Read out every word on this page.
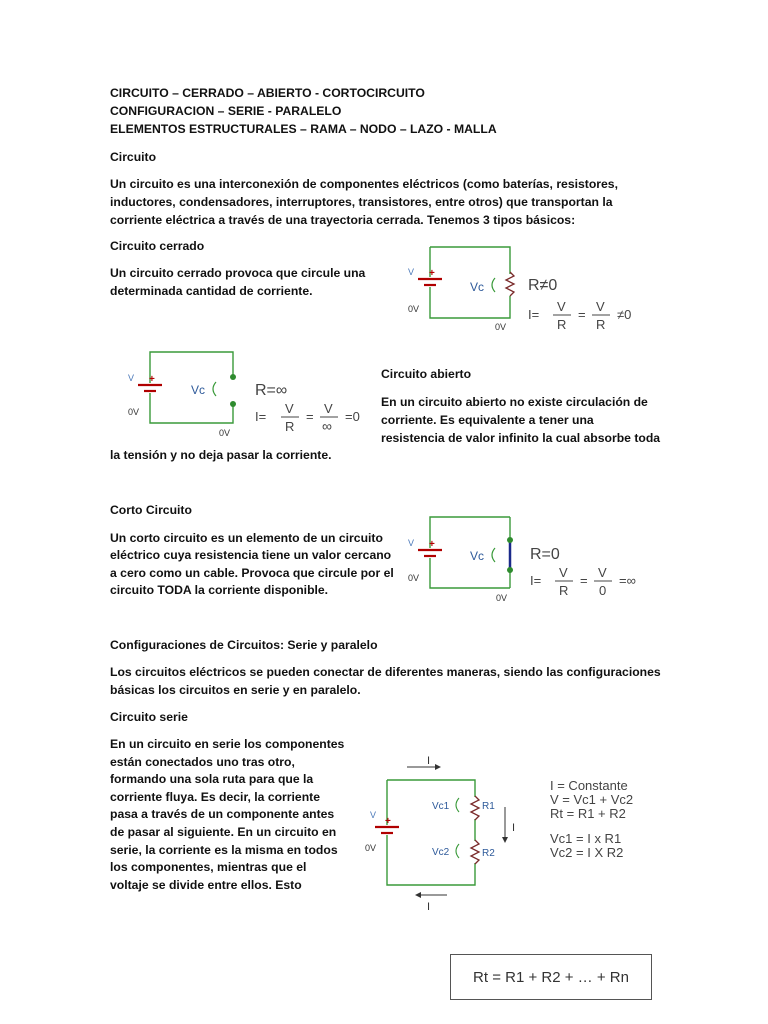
CIRCUITO – CERRADO – ABIERTO - CORTOCIRCUITO

CONFIGURACION – SERIE - PARALELO

ELEMENTOS ESTRUCTURALES – RAMA – NODO – LAZO - MALLA

Circuito

Un circuito es una interconexión de componentes eléctricos (como baterías, resistores,

inductores, condensadores, interruptores, transistores, entre otros) que transportan la

corriente eléctrica a través de una trayectoria cerrada. Tenemos 3 tipos básicos:

Circuito cerrado

Un circuito cerrado provoca que circule una

determinada cantidad de corriente.

V +
0V
0V
Vc	R≠0
I=
V
R
=
V
R
≠0
V +
0V
0V
Vc	R=∞
I=
V
R
=
V
∞
=0

Circuito abierto

En un circuito abierto no existe circulación de

corriente. Es equivalente a tener una

resistencia de valor infinito la cual absorbe toda

la tensión y no deja pasar la corriente.

Corto Circuito

Un corto circuito es un elemento de un circuito

eléctrico cuya resistencia tiene un valor cercano

a cero como un cable. Provoca que circule por el

circuito TODA la corriente disponible.

V +
0V
0V
Vc	R=0
I=
V
R
=
V
0
=∞

Configuraciones de Circuitos: Serie y paralelo

Los circuitos eléctricos se pueden conectar de diferentes maneras, siendo las configuraciones

básicas los circuitos en serie y en paralelo.

Circuito serie

En un circuito en serie los componentes

están conectados uno tras otro,

formando una sola ruta para que la

corriente fluya. Es decir, la corriente

pasa a través de un componente antes

de pasar al siguiente. En un circuito en

serie, la corriente es la misma en todos

los componentes, mientras que el

voltaje se divide entre ellos. Esto

I
I
I
V
+
0V
Vc1	R1
Vc2	R2
I = Constante
V = Vc1 + Vc2
Rt = R1 + R2
Vc1 = I x R1
Vc2 = I X R2
Rt = R1 + R2 + … + Rn
